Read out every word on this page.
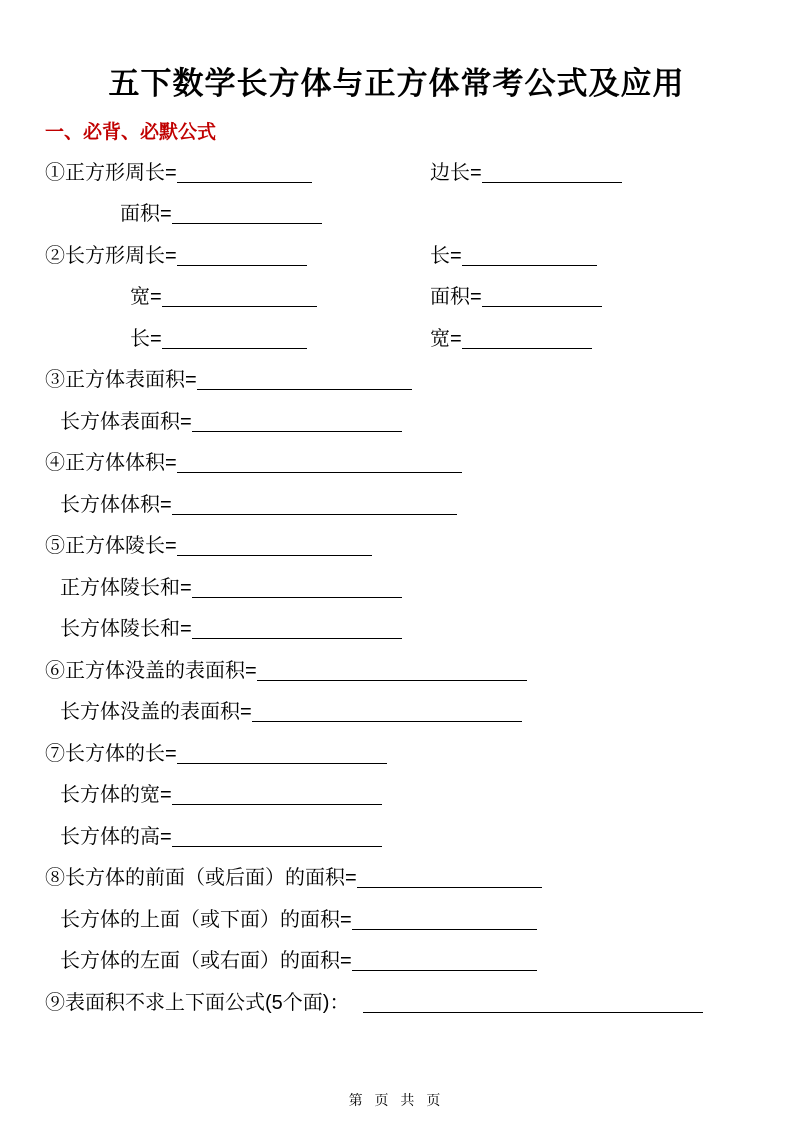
五下数学长方体与正方体常考公式及应用
一、必背、必默公式
①正方形周长=	边长=
面积=
②长方形周长=	长=
宽=	面积=
长=	宽=
③正方体表面积=
长方体表面积=
④正方体体积=
长方体体积=
⑤正方体陵长=
正方体陵长和=
长方体陵长和=
⑥正方体没盖的表面积=
长方体没盖的表面积=
⑦长方体的长=
长方体的宽=
长方体的高=
⑧长方体的前面（或后面）的面积=
长方体的上面（或下面）的面积=
长方体的左面（或右面）的面积=
⑨表面积不求上下面公式(5个面)：
第 页 共 页
